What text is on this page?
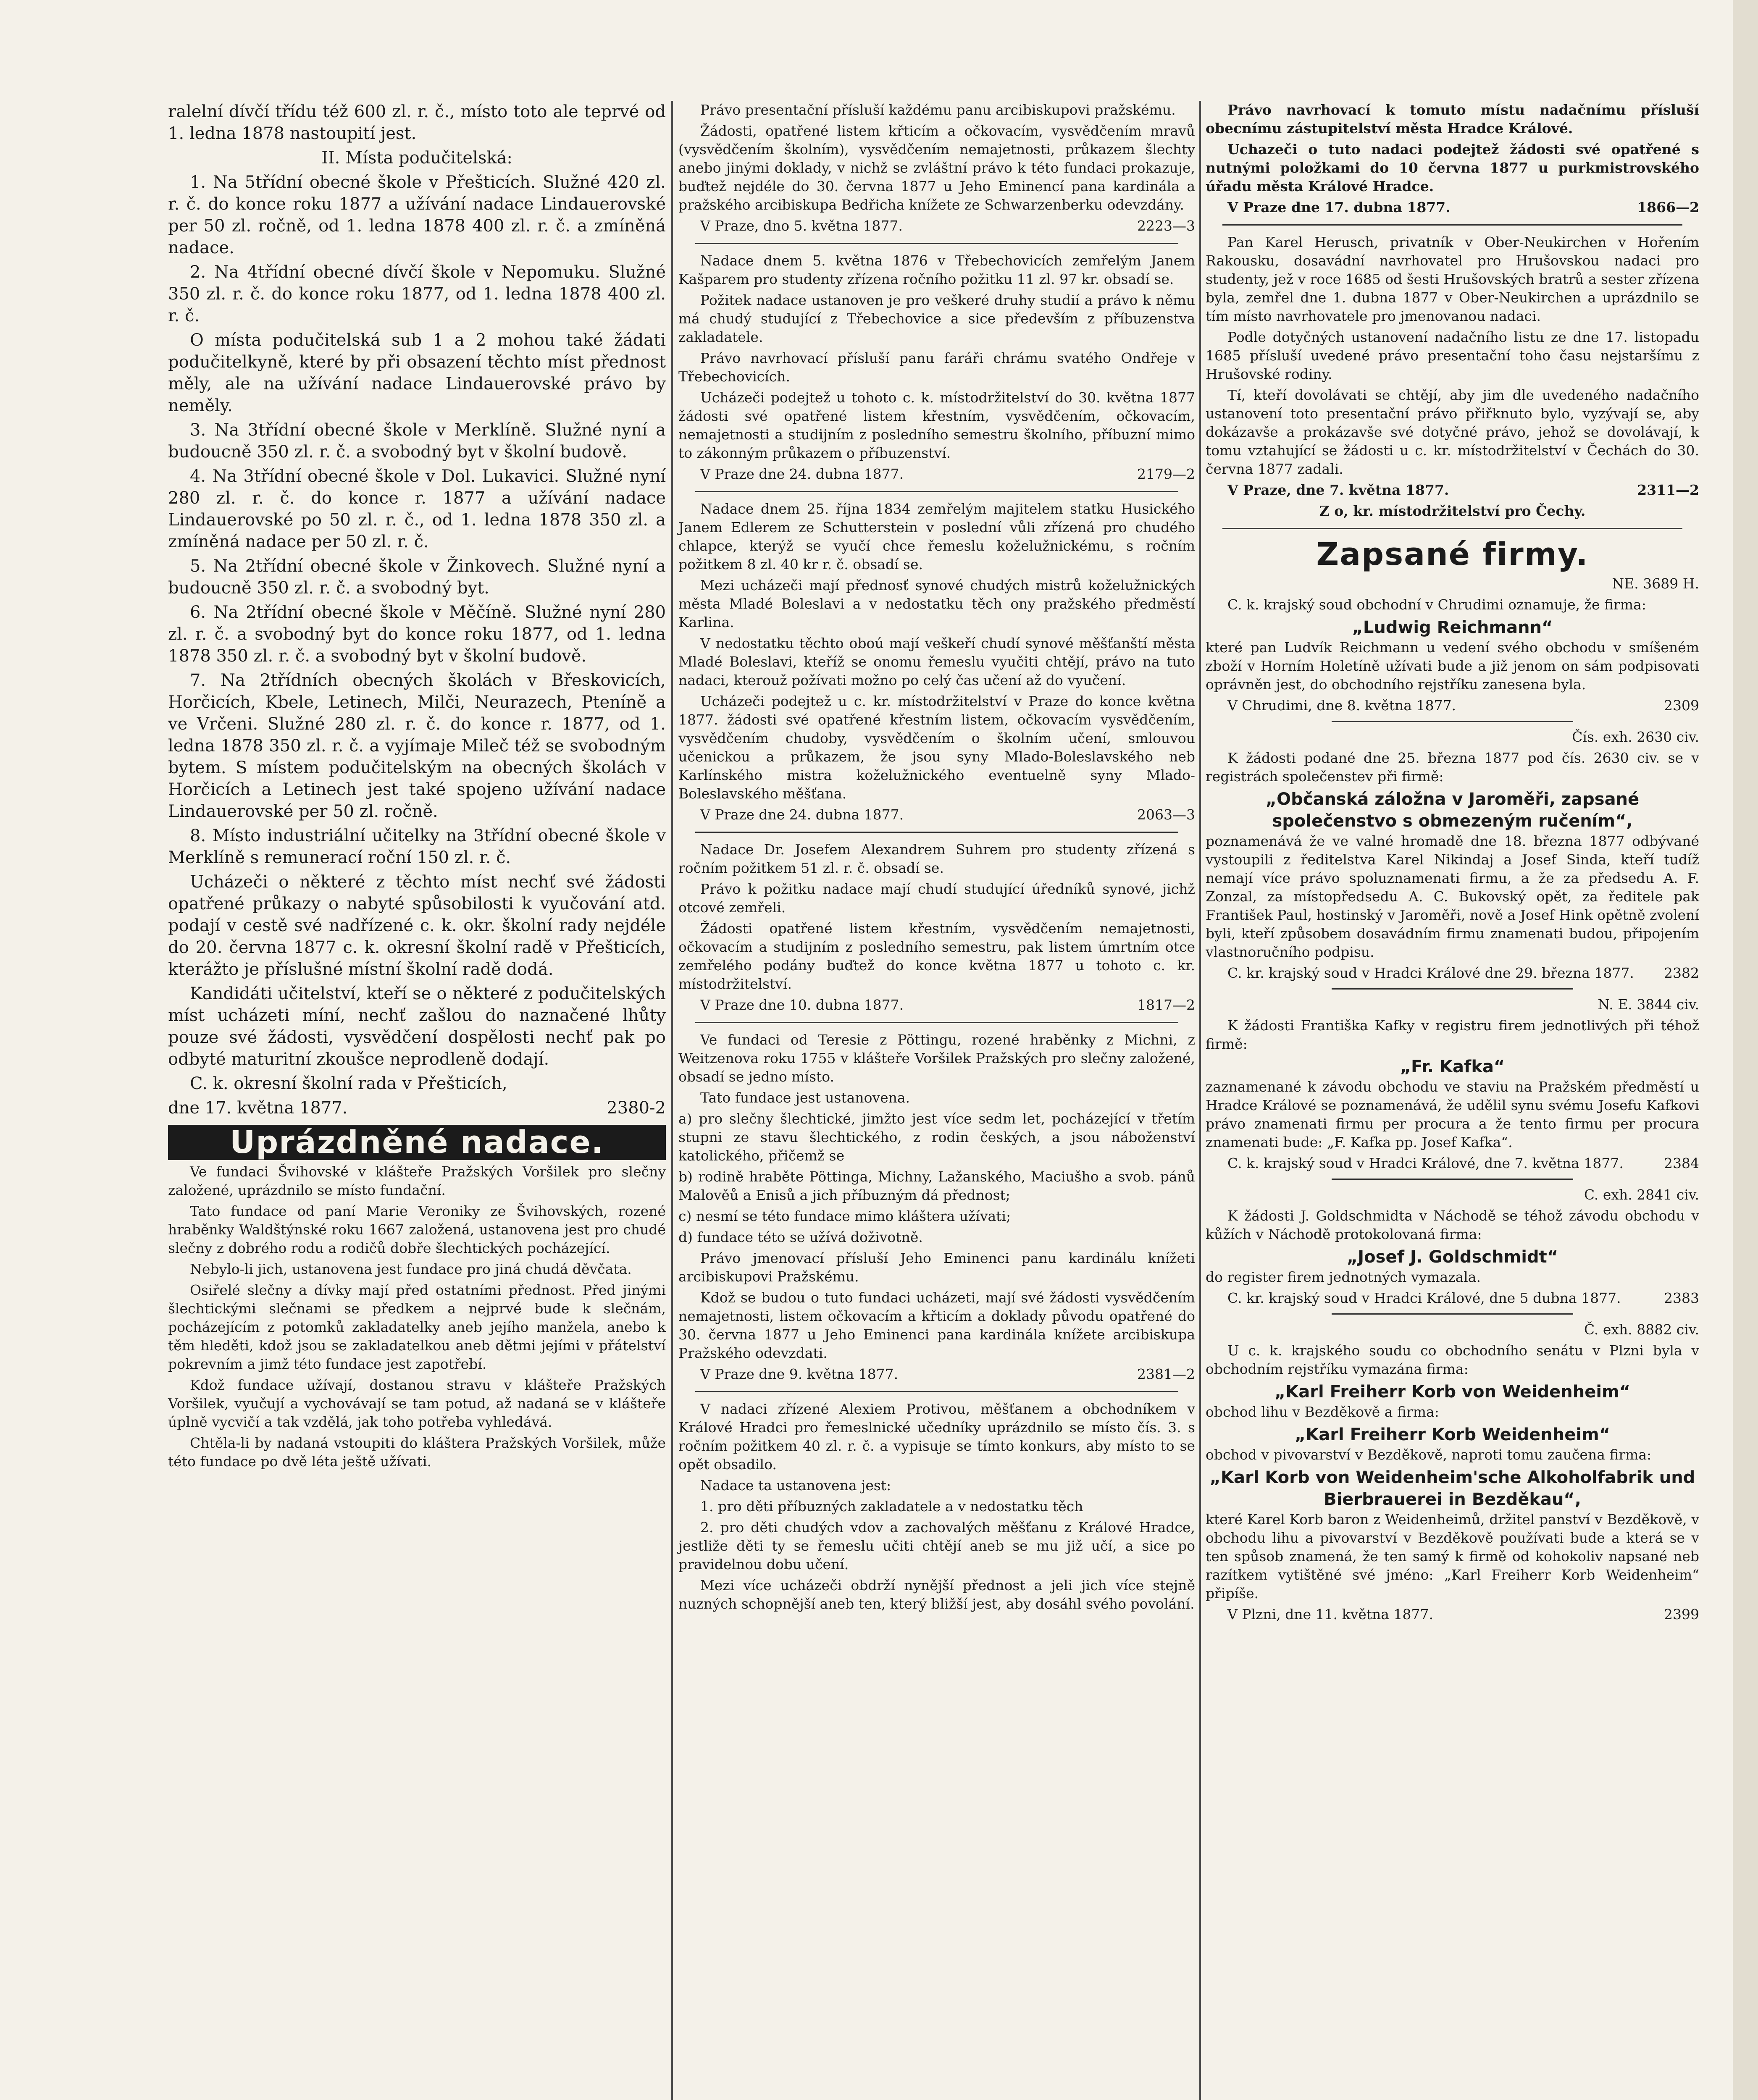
ralelní dívčí třídu též 600 zl. r. č., místo toto ale teprvé od 1. ledna 1878 nastoupití jest.

II. Místa podučitelská:

1. Na 5třídní obecné škole v Přešticích. Služné 420 zl. r. č. do konce roku 1877 a užívání nadace Lindauerovské per 50 zl. ročně, od 1. ledna 1878 400 zl. r. č. a zmíněná nadace.

2. Na 4třídní obecné dívčí škole v Nepomuku. Služné 350 zl. r. č. do konce roku 1877, od 1. ledna 1878 400 zl. r. č.

O místa podučitelská sub 1 a 2 mohou také žádati podučitelkyně, které by při obsazení těchto míst přednost měly, ale na užívání nadace Lindauerovské právo by neměly.

3. Na 3třídní obecné škole v Merklíně. Služné nyní a budoucně 350 zl. r. č. a svobodný byt v školní budově.

4. Na 3třídní obecné škole v Dol. Lukavici. Služné nyní 280 zl. r. č. do konce r. 1877 a užívání nadace Lindauerovské po 50 zl. r. č., od 1. ledna 1878 350 zl. a zmíněná nadace per 50 zl. r. č.

5. Na 2třídní obecné škole v Žinkovech. Služné nyní a budoucně 350 zl. r. č. a svobodný byt.

6. Na 2třídní obecné škole v Měčíně. Služné nyní 280 zl. r. č. a svobodný byt do konce roku 1877, od 1. ledna 1878 350 zl. r. č. a svobodný byt v školní budově.

7. Na 2třídních obecných školách v Břeskovicích, Horčicích, Kbele, Letinech, Milči, Neurazech, Ptenínĕ a ve Vrčeni. Služné 280 zl. r. č. do konce r. 1877, od 1. ledna 1878 350 zl. r. č. a vyjímaje Mileč též se svobodným bytem. S místem podučitelským na obecných školách v Horčicích a Letinech jest také spojeno užívání nadace Lindauerovské per 50 zl. ročně.

8. Místo industriální učitelky na 3třídní obecné škole v Merklíně s remunerací roční 150 zl. r. č.

Ucházeči o některé z těchto míst nechť své žádosti opatřené průkazy o nabyté spůsobilosti k vyučování atd. podají v cestě své nadřízené c. k. okr. školní rady nejdéle do 20. června 1877 c. k. okresní školní radě v Přešticích, kterážto je příslušné místní školní radě dodá.

Kandidáti učitelství, kteří se o některé z podučitelských míst ucházeti míní, nechť zašlou do naznačené lhůty pouze své žádosti, vysvědčení dospělosti nechť pak po odbyté maturitní zkoušce neprodleně dodají.

C. k. okresní školní rada v Přešticích,

dne 17. května 1877.	2380-2

Uprázdněné nadace.

Ve fundaci Švihovské v klášteře Pražských Voršilek pro slečny založené, uprázdnilo se místo fundační.

Tato fundace od paní Marie Veroniky ze Švihovských, rozené hraběnky Waldštýnské roku 1667 založená, ustanovena jest pro chudé slečny z dobrého rodu a rodičů dobře šlechtických pocházející.

Nebylo-li jich, ustanovena jest fundace pro jiná chudá děvčata.

Osiřelé slečny a dívky mají před ostatními přednost. Před jinými šlechtickými slečnami se předkem a nejprvé bude k slečnám, pocházejícím z potomků zakladatelky aneb jejího manžela, anebo k těm hleděti, kdož jsou se zakladatelkou aneb dětmi jejími v přátelství pokrevním a jimž této fundace jest zapotřebí.

Kdož fundace užívají, dostanou stravu v klášteře Pražských Voršilek, vyučují a vychovávají se tam potud, až nadaná se v klášteře úplně vycvičí a tak vzdělá, jak toho potřeba vyhledává.

Chtěla-li by nadaná vstoupiti do kláštera Pražských Voršilek, může této fundace po dvě léta ještě užívati.

Právo presentační přísluší každému panu arcibiskupovi pražskému.

Žádosti, opatřené listem křticím a očkovacím, vysvědčením mravů (vysvědčením školním), vysvědčením nemajetnosti, průkazem šlechty anebo jinými doklady, v nichž se zvláštní právo k této fundaci prokazuje, buďtež nejdéle do 30. června 1877 u Jeho Eminencí pana kardinála a pražského arcibiskupa Bedřicha knížete ze Schwarzenberku odevzdány.

V Praze, dno 5. května 1877.	2223—3

Nadace dnem 5. května 1876 v Třebechovicích zemřelým Janem Kašparem pro studenty zřízena ročního požitku 11 zl. 97 kr. obsadí se.

Požitek nadace ustanoven je pro veškeré druhy studií a právo k němu má chudý studující z Třebechovice a sice především z příbuzenstva zakladatele.

Právo navrhovací přísluší panu faráři chrámu svatého Ondřeje v Třebechovicích.

Ucházeči podejtež u tohoto c. k. místodržitelství do 30. května 1877 žádosti své opatřené listem křestním, vysvědčením, očkovacím, nemajetnosti a studijním z posledního semestru školního, příbuzní mimo to zákonným průkazem o příbuzenství.

V Praze dne 24. dubna 1877.	2179—2

Nadace dnem 25. října 1834 zemřelým majitelem statku Husického Janem Edlerem ze Schutterstein v poslední vůli zřízená pro chudého chlapce, kterýž se vyučí chce řemeslu koželužnickému, s ročním požitkem 8 zl. 40 kr r. č. obsadí se.

Mezi ucházeči mají přednosť synové chudých mistrů koželužnických města Mladé Boleslavi a v nedostatku těch ony pražského předměstí Karlina.

V nedostatku těchto oboú mají veškeří chudí synové měšťanští města Mladé Boleslavi, kteříž se onomu řemeslu vyučiti chtějí, právo na tuto nadaci, kterouž požívati možno po celý čas učení až do vyučení.

Ucházeči podejtež u c. kr. místodržitelství v Praze do konce května 1877. žádosti své opatřené křestním listem, očkovacím vysvědčením, vysvědčením chudoby, vysvědčením o školním učení, smlouvou učenickou a průkazem, že jsou syny Mlado-Boleslavského neb Karlínského mistra koželužnického eventuelně syny Mlado-Boleslavského měšťana.

V Praze dne 24. dubna 1877.	2063—3

Nadace Dr. Josefem Alexandrem Suhrem pro studenty zřízená s ročním požitkem 51 zl. r. č. obsadí se.

Právo k požitku nadace mají chudí studující úředníků synové, jichž otcové zemřeli.

Žádosti opatřené listem křestním, vysvědčením nemajetnosti, očkovacím a studijním z posledního semestru, pak listem úmrtním otce zemřelého podány buďtež do konce května 1877 u tohoto c. kr. místodržitelství.

V Praze dne 10. dubna 1877.	1817—2

Ve fundaci od Teresie z Pöttingu, rozené hraběnky z Michni, z Weitzenova roku 1755 v klášteře Voršilek Pražských pro slečny založené, obsadí se jedno místo.

Tato fundace jest ustanovena.

a) pro slečny šlechtické, jimžto jest více sedm let, pocházející v třetím stupni ze stavu šlechtického, z rodin českých, a jsou náboženství katolického, přičemž se

b) rodině hraběte Pöttinga, Michny, Lažanského, Maciušho a svob. pánů Malověů a Enisů a jich příbuzným dá přednost;

c) nesmí se této fundace mimo kláštera užívati;

d) fundace této se užívá doživotně.

Právo jmenovací přísluší Jeho Eminenci panu kardinálu knížeti arcibiskupovi Pražskému.

Kdož se budou o tuto fundaci ucházeti, mají své žádosti vysvědčením nemajetnosti, listem očkovacím a křticím a doklady původu opatřené do 30. června 1877 u Jeho Eminenci pana kardinála knížete arcibiskupa Pražského odevzdati.

V Praze dne 9. května 1877.	2381—2

V nadaci zřízené Alexiem Protivou, měšťanem a obchodníkem v Králové Hradci pro řemeslnické učedníky uprázdnilo se místo čís. 3. s ročním požitkem 40 zl. r. č. a vypisuje se tímto konkurs, aby místo to se opět obsadilo.

Nadace ta ustanovena jest:

1. pro děti příbuzných zakladatele a v nedostatku těch

2. pro děti chudých vdov a zachovalých měšťanu z Králové Hradce, jestliže děti ty se řemeslu učiti chtějí aneb se mu již učí, a sice po pravidelnou dobu učení.

Mezi více ucházeči obdrží nynější přednost a jeli jich více stejně nuzných schopnější aneb ten, který bližší jest, aby dosáhl svého povolání.

Právo navrhovací k tomuto místu nadačnímu přísluší obecnímu zástupitelství města Hradce Králové.

Uchazeči o tuto nadaci podejtež žádosti své opatřené s nutnými položkami do 10 června 1877 u purkmistrovského úřadu města Králové Hradce.

V Praze dne 17. dubna 1877.	1866—2

Pan Karel Herusch, privatník v Ober-Neukirchen v Hořením Rakousku, dosavádní navrhovatel pro Hrušovskou nadaci pro studenty, jež v roce 1685 od šesti Hrušovských bratrů a sester zřízena byla, zemřel dne 1. dubna 1877 v Ober-Neukirchen a uprázdnilo se tím místo navrhovatele pro jmenovanou nadaci.

Podle dotyčných ustanovení nadačního listu ze dne 17. listopadu 1685 přísluší uvedené právo presentační toho času nejstaršímu z Hrušovské rodiny.

Tí, kteří dovolávati se chtějí, aby jim dle uvedeného nadačního ustanovení toto presentační právo přiřknuto bylo, vyzývají se, aby dokázavše a prokázavše své dotyčné právo, jehož se dovolávají, k tomu vztahující se žádosti u c. kr. místodržitelství v Čechách do 30. června 1877 zadali.

V Praze, dne 7. května 1877.	2311—2

Z o, kr. místodržitelství pro Čechy.

Zapsané firmy.

NE. 3689 H.

C. k. krajský soud obchodní v Chrudimi oznamuje, že firma:

„Ludwig Reichmann“

které pan Ludvík Reichmann u vedení svého obchodu v smíšeném zboží v Horním Holetíně užívati bude a již jenom on sám podpisovati oprávněn jest, do obchodního rejstříku zanesena byla.

V Chrudimi, dne 8. května 1877.	2309

Čís. exh. 2630 civ.

K žádosti podané dne 25. března 1877 pod čís. 2630 civ. se v registrách společenstev při firmě:

„Občanská záložna v Jaroměři, zapsané společenstvo s obmezeným ručením“,

poznamenává že ve valné hromadě dne 18. března 1877 odbývané vystoupili z ředitelstva Karel Nikindaj a Josef Sinda, kteří tudíž nemají více právo spoluznamenati firmu, a že za předsedu A. F. Zonzal, za místopředsedu A. C. Bukovský opět, za ředitele pak František Paul, hostinský v Jaroměři, nově a Josef Hink opětně zvolení byli, kteří způsobem dosavádním firmu znamenati budou, připojením vlastnoručního podpisu.

C. kr. krajský soud v Hradci Králové dne 29. března 1877.	2382

N. E. 3844 civ.

K žádosti Františka Kafky v registru firem jednotlivých při téhož firmě:

„Fr. Kafka“

zaznamenané k závodu obchodu ve staviu na Pražském předměstí u Hradce Králové se poznamenává, že udělil synu svému Josefu Kafkovi právo znamenati firmu per procura a že tento firmu per procura znamenati bude: „F. Kafka pp. Josef Kafka“.

C. k. krajský soud v Hradci Králové, dne 7. května 1877.	2384

C. exh. 2841 civ.

K žádosti J. Goldschmidta v Náchodě se téhož závodu obchodu v kůžích v Náchodě protokolovaná firma:

„Josef J. Goldschmidt“

do register firem jednotných vymazala.

C. kr. krajský soud v Hradci Králové, dne 5 dubna 1877.	2383

Č. exh. 8882 civ.

U c. k. krajského soudu co obchodního senátu v Plzni byla v obchodním rejstříku vymazána firma:

„Karl Freiherr Korb von Weidenheim“

obchod lihu v Bezděkově a firma:

„Karl Freiherr Korb Weidenheim“

obchod v pivovarství v Bezděkově, naproti tomu zaučena firma:

„Karl Korb von Weidenheim'sche Alkoholfabrik und Bierbrauerei in Bezděkau“,

které Karel Korb baron z Weidenheimů, držitel panství v Bezděkově, v obchodu lihu a pivovarství v Bezděkově používati bude a která se v ten spůsob znamená, že ten samý k firmě od kohokoliv napsané neb razítkem vytištěné své jméno: „Karl Freiherr Korb Weidenheim“ připíše.

V Plzni, dne 11. května 1877.	2399
